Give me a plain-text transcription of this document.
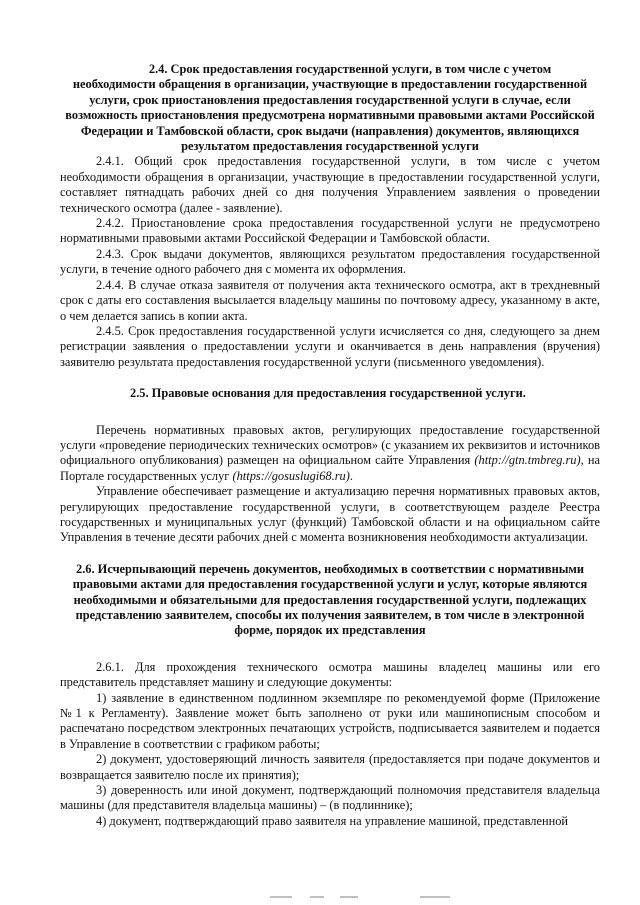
2.4. Срок предоставления государственной услуги, в том числе с учетом
необходимости обращения в организации, участвующие в предоставлении государственной услуги, срок приостановления предоставления государственной услуги в случае, если возможность приостановления предусмотрена нормативными правовыми актами Российской Федерации и Тамбовской области, срок выдачи (направления) документов, являющихся результатом предоставления государственной услуги

2.4.1. Общий срок предоставления государственной услуги, в том числе с учетом необходимости обращения в организации, участвующие в предоставлении государственной услуги, составляет пятнадцать рабочих дней со дня получения Управлением заявления о проведении технического осмотра (далее - заявление).

2.4.2. Приостановление срока предоставления государственной услуги не предусмотрено нормативными правовыми актами Российской Федерации и Тамбовской области.

2.4.3. Срок выдачи документов, являющихся результатом предоставления государственной услуги, в течение одного рабочего дня с момента их оформления.

2.4.4. В случае отказа заявителя от получения акта технического осмотра, акт в трехдневный срок с даты его составления высылается владельцу машины по почтовому адресу, указанному в акте, о чем делается запись в копии акта.

2.4.5. Срок предоставления государственной услуги исчисляется со дня, следующего за днем регистрации заявления о предоставлении услуги и оканчивается в день направления (вручения) заявителю результата предоставления государственной услуги (письменного уведомления).

2.5. Правовые основания для предоставления государственной услуги.

Перечень нормативных правовых актов, регулирующих предоставление государственной услуги «проведение периодических технических осмотров» (с указанием их реквизитов и источников официального опубликования) размещен на официальном сайте Управления (http://gtn.tmbreg.ru), на Портале государственных услуг (https://gosuslugi68.ru).

Управление обеспечивает размещение и актуализацию перечня нормативных правовых актов, регулирующих предоставление государственной услуги, в соответствующем разделе Реестра государственных и муниципальных услуг (функций) Тамбовской области и на официальном сайте Управления в течение десяти рабочих дней с момента возникновения необходимости актуализации.

2.6. Исчерпывающий перечень документов, необходимых в соответствии с нормативными правовыми актами для предоставления государственной услуги и услуг, которые являются необходимыми и обязательными для предоставления государственной услуги, подлежащих представлению заявителем, способы их получения заявителем, в том числе в электронной форме, порядок их представления

2.6.1. Для прохождения технического осмотра машины владелец машины или его представитель представляет машину и следующие документы:

1) заявление в единственном подлинном экземпляре по рекомендуемой форме (Приложение №1 к Регламенту). Заявление может быть заполнено от руки или машинописным способом и распечатано посредством электронных печатающих устройств, подписывается заявителем и подается в Управление в соответствии с графиком работы;

2) документ, удостоверяющий личность заявителя (предоставляется при подаче документов и возвращается заявителю после их принятия);

3) доверенность или иной документ, подтверждающий полномочия представителя владельца машины (для представителя владельца машины) – (в подлиннике);

4) документ, подтверждающий право заявителя на управление машиной, представленной
